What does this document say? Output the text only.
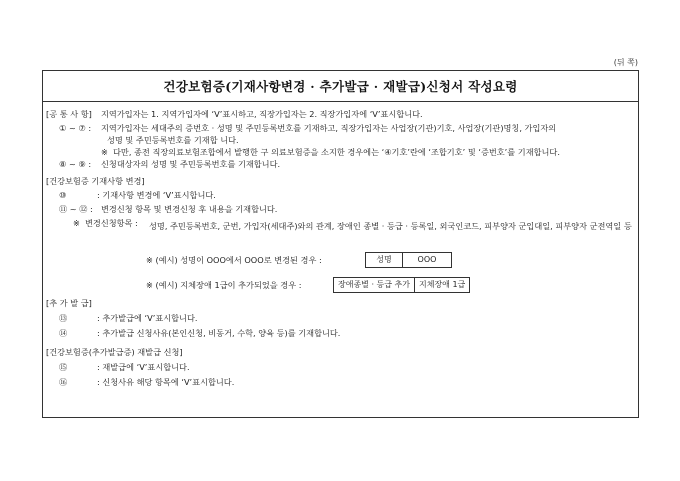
(뒤 쪽)
건강보험증(기재사항변경 · 추가발급 · 재발급)신청서 작성요령
[공 통 사 항] 지역가입자는 1. 지역가입자에 ‘V’표시하고, 직장가입자는 2. 직장가입자에 ‘V’표시합니다.
① ~ ⑦ : 지역가입자는 세대주의 증번호 · 성명 및 주민등록번호를 기재하고, 직장가입자는 사업장(기관)기호, 사업장(기관)명칭, 가입자의
성명 및 주민등록번호를 기재합 니다.
※ 다만, 종전 직장의료보험조합에서 발행한 구 의료보험증을 소지한 경우에는 ‘④기호’란에 ‘조합기호’ 및 ‘증번호’를 기재합니다.
⑧ ~ ⑨ : 신청대상자의 성명 및 주민등록번호를 기재합니다.
[건강보험증 기재사항 변경]
⑩	: 기재사항 변경에 ‘V’표시합니다.
⑪ ~ ⑫ : 변경신청 항목 및 변경신청 후 내용을 기재합니다.
※ 변경신청항목 : 성명, 주민등록번호, 군번, 가입자(세대주)와의 관계, 장애인 종별 · 등급 · 등록일, 외국인코드, 피부양자 군입대일, 피부양자 군전역일 등
※ (예시) 성명이 OOO에서 OOO로 변경된 경우 :	성명	OOO
※ (예시) 지체장애 1급이 추가되었을 경우 :	장애종별 · 등급 추가	지체장애 1급
[추 가 발 급]
⑬	: 추가발급에 ‘V’표시합니다.
⑭	: 추가발급 신청사유(본인신청, 비동거, 수학, 양육 등)를 기재합니다.
[건강보험증(추가발급증) 재발급 신청]
⑮	: 재발급에 ‘V’표시합니다.
⑯	: 신청사유 해당 항목에 ‘V’표시합니다.
